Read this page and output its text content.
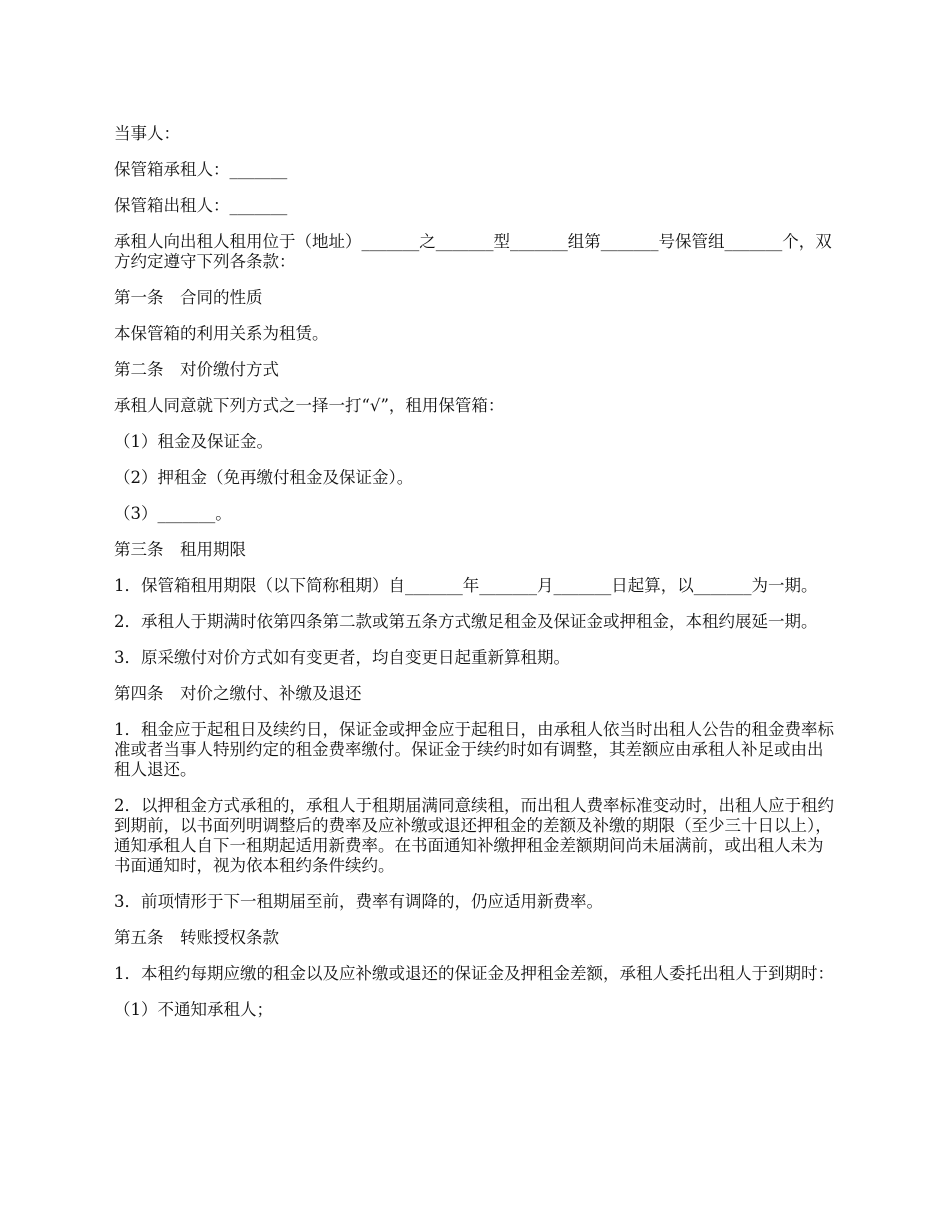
当事人：

保管箱承租人：_______

保管箱出租人：_______

承租人向出租人租用位于（地址）_______之_______型_______组第_______号保管组_______个，双方约定遵守下列各条款：

第一条　合同的性质

本保管箱的利用关系为租赁。

第二条　对价缴付方式

承租人同意就下列方式之一择一打“√”，租用保管箱：

（1）租金及保证金。

（2）押租金（免再缴付租金及保证金）。

（3）_______。

第三条　租用期限

1．保管箱租用期限（以下简称租期）自_______年_______月_______日起算，以_______为一期。

2．承租人于期满时依第四条第二款或第五条方式缴足租金及保证金或押租金，本租约展延一期。

3．原采缴付对价方式如有变更者，均自变更日起重新算租期。

第四条　对价之缴付、补缴及退还

1．租金应于起租日及续约日，保证金或押金应于起租日，由承租人依当时出租人公告的租金费率标准或者当事人特别约定的租金费率缴付。保证金于续约时如有调整，其差额应由承租人补足或由出租人退还。

2．以押租金方式承租的，承租人于租期届满同意续租，而出租人费率标准变动时，出租人应于租约到期前，以书面列明调整后的费率及应补缴或退还押租金的差额及补缴的期限（至少三十日以上），通知承租人自下一租期起适用新费率。在书面通知补缴押租金差额期间尚未届满前，或出租人未为书面通知时，视为依本租约条件续约。

3．前项情形于下一租期届至前，费率有调降的，仍应适用新费率。

第五条　转账授权条款

1．本租约每期应缴的租金以及应补缴或退还的保证金及押租金差额，承租人委托出租人于到期时：

（1）不通知承租人；
